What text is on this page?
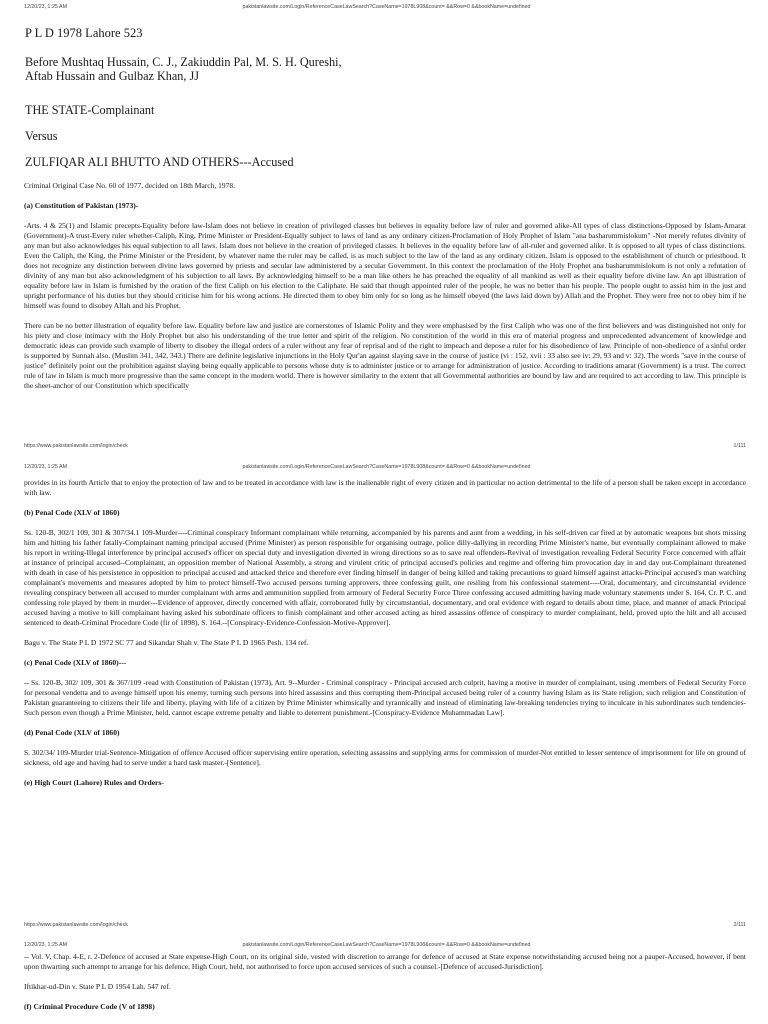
12/20/23, 1:25 AM	pakistanlawsite.com/Login/ReferenceCaseLawSearch?CaseName=1978L908&count= &&Row=0 &&bookName=undefined
P L D 1978 Lahore 523
Before Mushtaq Hussain, C. J., Zakiuddin Pal, M. S. H. Qureshi,
Aftab Hussain and Gulbaz Khan, JJ
THE STATE-Complainant
Versus
ZULFIQAR ALI BHUTTO AND OTHERS---Accused

Criminal Original Case No. 60 of 1977, decided on 18th March, 1978.

(a) Constitution of Pakistan (1973)-

-Arts. 4 & 25(1) and Islamic precepts-Equality before law-Islam does not believe in creation of privileged classes but believes in equality before law of ruler and governed alike-All types of class distinctions-Opposed by Islam-Amarat (Government)-A trust-Every ruler whether-Caliph, King, Prime Minister or President-Equally subject to laws of land as any ordinary citizen-Proclamation of Holy Prophet of Islam "ana basharummislokum" -Not merely refutes divinity of any man but also acknowledges his equal subjection to all laws. Islam does not believe in the creation of privileged classes. It believes in the equality before law of all-ruler and governed alike. It is opposed to all types of class distinctions. Even the Caliph, the King, the Prime Minister or the President, by whatever name the ruler may be called, is as much subject to the law of the land as any ordinary citizen. Islam is opposed to the establishment of church or priesthood. It does not recognize any distinction between divine laws governed by priests and secular law administered by a secular Government. In this context the proclamation of the Holy Prophet ana basharummislokum is not only a refutation of divinity of any man but also acknowledgment of his subjection to all laws. By acknowledging himself to be a man like others he has preached the equality of all mankind as well as their equality before divine law. An apt illustration of equality before law in Islam is furnished by the oration of the first Caliph on his election to the Caliphate. He said that though appointed ruler of the people, he was no better than his people. The people ought to assist him in the just and upright performance of his duties but they should criticise him for his wrong actions. He directed them to obey him only for so long as he himself obeyed (the laws laid down by) Allah and the Prophet. They were free not to obey him if he himself was found to disobey Allah and his Prophet.

There can be no better illustration of equality before law. Equality before law and justice are cornerstones of Islamic Polity and they were emphasised by the first Caliph who was one of the first believers and was distinguished not only for his piety and close intimacy with the Holy Prophet but also his understanding of the true letter and spirit of the religion. No constitution of the world in this era of material progress and unprecedented advancement of knowledge and democratic ideas can provide such example of liberty to disobey the illegal orders of a ruler without any fear of reprisal and of the right to impeach and depose a ruler for his disobedience of law. Principle of non-obedience of a sinful order is supported by Sunnah also. (Muslim 341, 342, 343.) There are definite legislative injunctions in the Holy Qur'an against slaying save in the course of justice (vi : 152, xvii : 33 also see iv: 29, 93 and v: 32). The words "save in the course of justice" definitely point out the prohibition against slaying being equally applicable to persons whose duty is to administer justice or to arrange for administration of justice. According to traditions amarat (Government) is a trust. The correct rule of law in Islam is much more progressive than the same concept in the modern world. There is however similarity to the extent that all Governmental authorities are bound by law and are required to act according to law. This principle is the sheet-anchor of our Constitution which specifically

https://www.pakistanlawsite.com/login/check	1/111
12/20/23, 1:25 AM	pakistanlawsite.com/Login/ReferenceCaseLawSearch?CaseName=1978L908&count= &&Row=0 &&bookName=undefined

provides in its fourth Article that to enjoy the protection of law and to be treated in accordance with law is the inalienable right of every citizen and in particular no action detrimental to the life of a person shall be taken except in accordance with law.

(b) Penal Code (XLV of 1860)

Ss. 120-B, 302/1 109, 301 & 307/34.1 109-Murder----Criminal conspiracy Informant complainant while returning, accompanied by his parents and aunt from a wedding, in his self-driven car fired at by automatic weapons but shots missing him and hitting his father fatally-Complainant naming principal accused (Prime Minister) as person responsible for organising outrage, police dilly-dallying in recording Prime Minister's name, but eventually complainant allowed to make his report in writing-Illegal interference by principal accused's officer on special duty and investigation diverted in wrong directions so as to save real offenders-Revival of investigation revealing Federal Security Force concerned with affair at instance of principal accused--Complainant, an opposition member of National Assembly, a strong and virulent critic of principal accused's policies and regime and offering him provocation day in and day out-Complainant threatened with death in case of his persistence in opposition to principal accused and attacked thrice and therefore ever finding himself in danger of being killed and taking precautions to guard himself against attacks-Principal accused's man watching complainant's movements and measures adopted by him to protect himself-Two accused persons turning approvers, three confessing guilt, one resiling from his confessional statement----Oral, documentary, and circumstantial evidence revealing conspiracy between all accused to murder complainant with arms and ammunition supplied from armoury of Federal Security Force Three confessing accused admitting having made voluntary statements under S. 164, Cr. P. C. and confessing role played by them in murder---Evidence of approver, directly concerned with affair, corroborated fully by circumstantial, documentary, and oral evidence with regard to details about time, place, and manner of attack Principal accused having a motive to kill complainant having asked his subordinate officers to finish complainant and other accused acting as hired assassins offence of conspiracy to murder complainant, held, proved upto the hilt and all accused sentenced to death-Criminal Procedure Code (fir of 1898), S. 164.--[Conspiracy-Evidence-Confession-Motive-Approver].

Bagu v. The State P L D 1972 SC 77 and Sikandar Shah v. The State P L D 1965 Pesh. 134 ref.

(c) Penal Code (XLV of 1860)---

-- Ss. 120-B, 302/ 109, 301 & 367/109 -read with Constitution of Pakistan (1973), Art. 9--Murder - Criminal conspiracy - Principal accused arch culprit, having a motive in murder of complainant, using .members of Federal Security Force for personal vendetta and to avenge himself upon his enemy, turning such persons into hired assassins and thus corrupting them-Principal accused being ruler of a country having Islam as its State religion, such religion and Constitution of Pakistan guaranteeing to citizens their life and liberty, playing with life of a citizen by Prime Minister whimsically and tyrannically and instead of eliminating law-breaking tendencies trying to inculcate in his subordinates such tendencies-Such person even though a Prime Minister, held, cannot escape extreme penalty and liable to deterrent punishment.-[Conspiracy-Evidence Muhammadan Law].

(d) Penal Code (XLV of 1860)

S. 302/34/ 109-Murder trial-Sentence-Mitigation of offence Accused officer supervising entire operation, selecting assassins and supplying arms for commission of murder-Not entitled to lesser sentence of imprisonment for life on ground of sickness, old age and having had to serve under a hard task master.-[Sentence].

(e) High Court (Lahore) Rules and Orders-

https://www.pakistanlawsite.com/login/check	2/111
12/20/23, 1:25 AM	pakistanlawsite.com/Login/ReferenceCaseLawSearch?CaseName=1978L908&count= &&Row=0 &&bookName=undefined

-- Vol. V, Chap. 4-E, r. 2-Defence of accused at State expense-High Court, on its original side, vested with discretion to arrange for defence of accused at State expense notwithstanding accused being not a pauper-Accused, however, if bent upon thwarting such attempt to arrange for his defence, High Court, held, not authorised to force upon accused services of such a counsel.-[Defence of accused-Jurisdiction].

Iftikhar-ud-Din v. State P L D 1954 Lah. 547 ref.

(f) Criminal Procedure Code (V of 1898)
